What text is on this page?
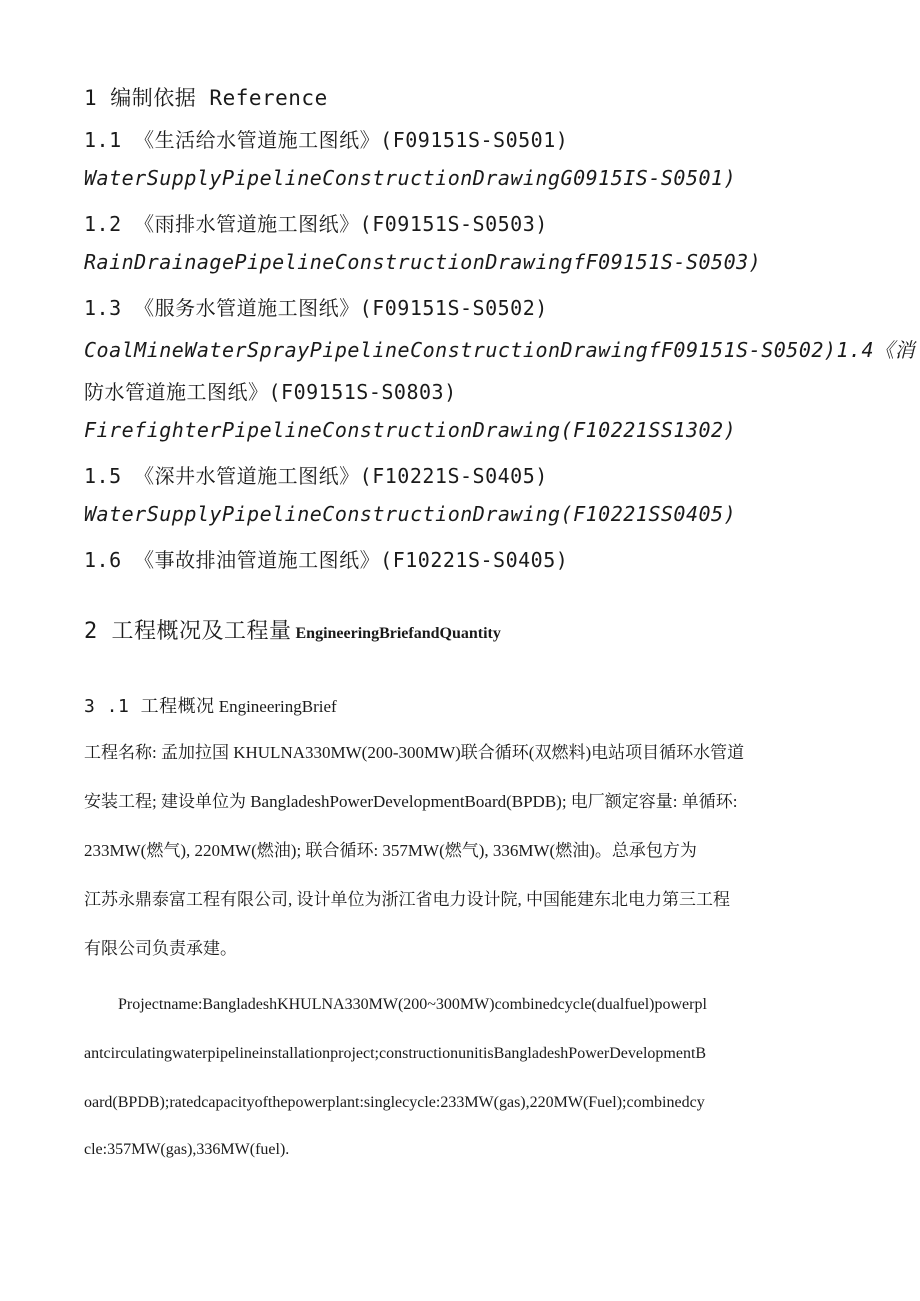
1 编制依据 Reference
1.1 《生活给水管道施工图纸》(F09151S-S0501)
WaterSupplyPipelineConstructionDrawingG0915IS-S0501)
1.2 《雨排水管道施工图纸》(F09151S-S0503)
RainDrainagePipelineConstructionDrawingfF09151S-S0503)
1.3 《服务水管道施工图纸》(F09151S-S0502)
CoalMineWaterSprayPipelineConstructionDrawingfF09151S-S0502)1.4《消
防水管道施工图纸》(F09151S-S0803)
FirefighterPipelineConstructionDrawing(F10221SS1302)
1.5 《深井水管道施工图纸》(F10221S-S0405)
WaterSupplyPipelineConstructionDrawing(F10221SS0405)
1.6 《事故排油管道施工图纸》(F10221S-S0405)
2 工程概况及工程量 EngineeringBriefandQuantity
3 .1 工程概况 EngineeringBrief
工程名称: 孟加拉国 KHULNA330MW(200-300MW)联合循环(双燃料)电站项目循环水管道
安装工程; 建设单位为 BangladeshPowerDevelopmentBoard(BPDB); 电厂额定容量: 单循环:
233MW(燃气), 220MW(燃油); 联合循环: 357MW(燃气), 336MW(燃油)。总承包方为
江苏永鼎泰富工程有限公司, 设计单位为浙江省电力设计院, 中国能建东北电力第三工程
有限公司负责承建。
Projectname:BangladeshKHULNA330MW(200~300MW)combinedcycle(dualfuel)powerpl
antcirculatingwaterpipelineinstallationproject;constructionunitisBangladeshPowerDevelopmentB
oard(BPDB);ratedcapacityofthepowerplant:singlecycle:233MW(gas),220MW(Fuel);combinedcy
cle:357MW(gas),336MW(fuel).
